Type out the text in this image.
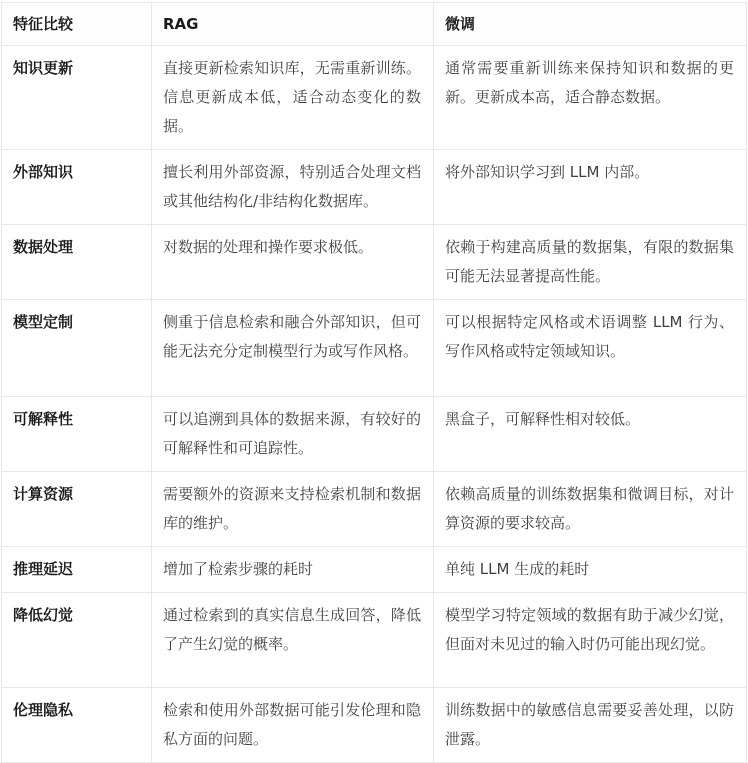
特征比较	RAG	微调
知识更新	直接更新检索知识库，无需重新训练。信息更新成本低，适合动态变化的数据。	通常需要重新训练来保持知识和数据的更新。更新成本高，适合静态数据。
外部知识	擅长利用外部资源，特别适合处理文档或其他结构化/非结构化数据库。	将外部知识学习到 LLM 内部。
数据处理	对数据的处理和操作要求极低。	依赖于构建高质量的数据集，有限的数据集可能无法显著提高性能。
模型定制	侧重于信息检索和融合外部知识，但可能无法充分定制模型行为或写作风格。	可以根据特定风格或术语调整 LLM 行为、写作风格或特定领域知识。
可解释性	可以追溯到具体的数据来源，有较好的可解释性和可追踪性。	黑盒子，可解释性相对较低。
计算资源	需要额外的资源来支持检索机制和数据库的维护。	依赖高质量的训练数据集和微调目标，对计算资源的要求较高。
推理延迟	增加了检索步骤的耗时	单纯 LLM 生成的耗时
降低幻觉	通过检索到的真实信息生成回答，降低了产生幻觉的概率。	模型学习特定领域的数据有助于减少幻觉，但面对未见过的输入时仍可能出现幻觉。
伦理隐私	检索和使用外部数据可能引发伦理和隐私方面的问题。	训练数据中的敏感信息需要妥善处理，以防泄露。
